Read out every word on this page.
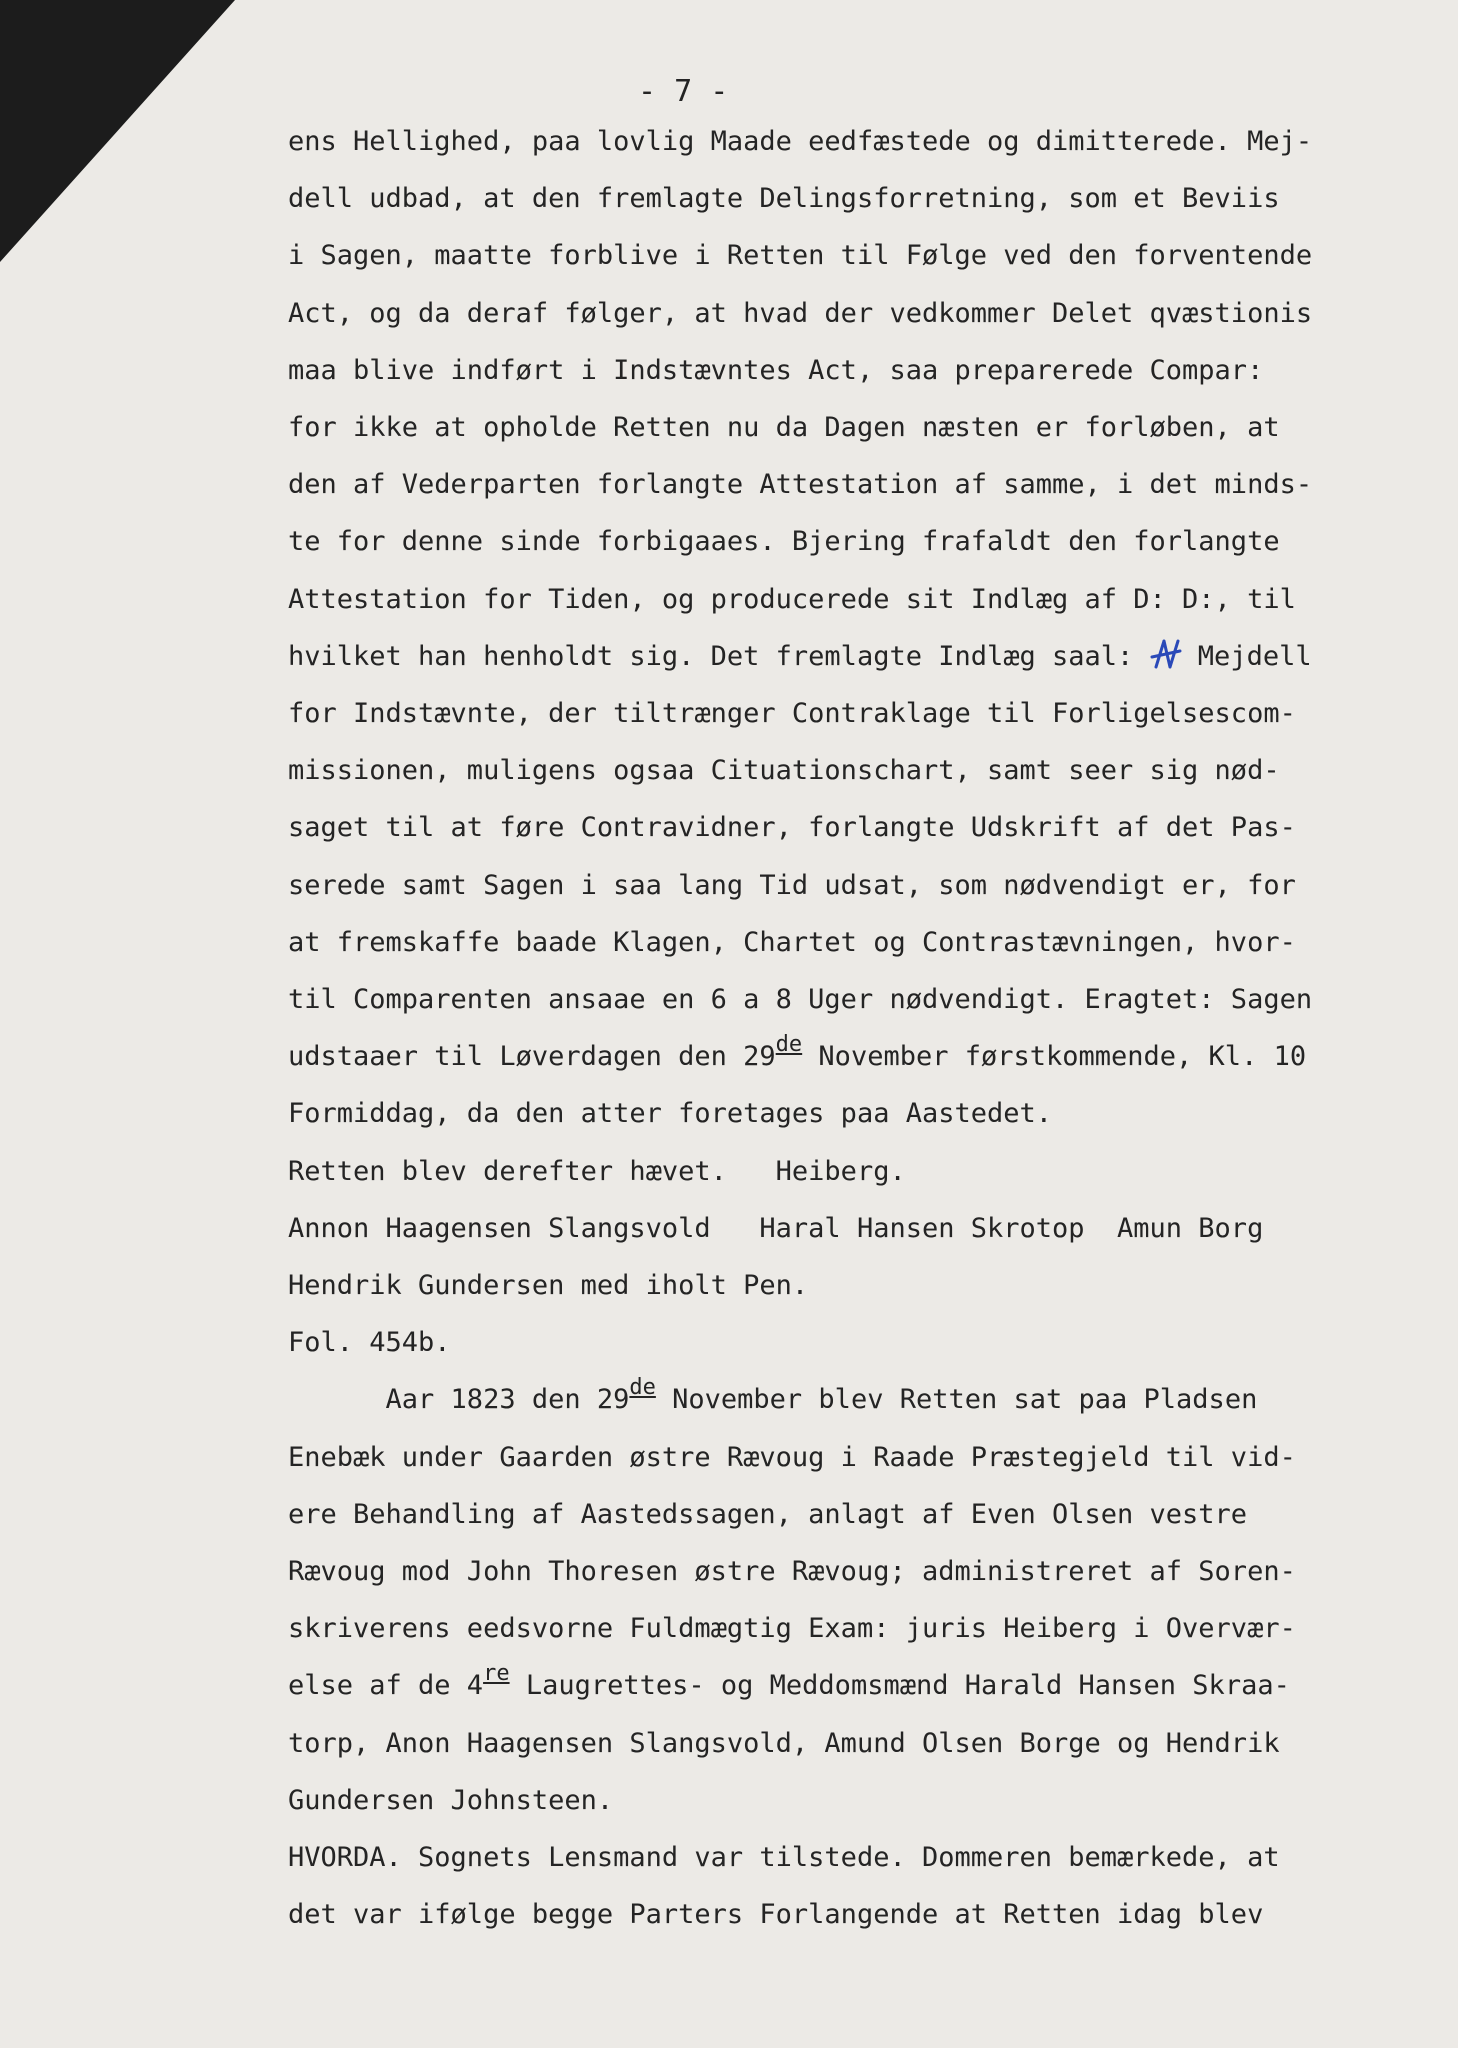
- 7 -

ens Hellighed, paa lovlig Maade eedfæstede og dimitterede. Mej-
dell udbad, at den fremlagte Delingsforretning, som et Beviis
i Sagen, maatte forblive i Retten til Følge ved den forventende
Act, og da deraf følger, at hvad der vedkommer Delet qvæstionis
maa blive indført i Indstævntes Act, saa preparerede Compar:
for ikke at opholde Retten nu da Dagen næsten er forløben, at
den af Vederparten forlangte Attestation af samme, i det minds-
te for denne sinde forbigaaes. Bjering frafaldt den forlangte
Attestation for Tiden, og producerede sit Indlæg af D: D:, til
hvilket han henholdt sig. Det fremlagte Indlæg saal:  Mejdell
for Indstævnte, der tiltrænger Contraklage til Forligelsescom-
missionen, muligens ogsaa Cituationschart, samt seer sig nød-
saget til at føre Contravidner, forlangte Udskrift af det Pas-
serede samt Sagen i saa lang Tid udsat, som nødvendigt er, for
at fremskaffe baade Klagen, Chartet og Contrastævningen, hvor-
til Comparenten ansaae en 6 a 8 Uger nødvendigt. Eragtet: Sagen
udstaaer til Løverdagen den 29de November førstkommende, Kl. 10
Formiddag, da den atter foretages paa Aastedet.
Retten blev derefter hævet.   Heiberg.
Annon Haagensen Slangsvold   Haral Hansen Skrotop  Amun Borg
Hendrik Gundersen med iholt Pen.
Fol. 454b.
Aar 1823 den 29de November blev Retten sat paa Pladsen
Enebæk under Gaarden østre Rævoug i Raade Præstegjeld til vid-
ere Behandling af Aastedssagen, anlagt af Even Olsen vestre
Rævoug mod John Thoresen østre Rævoug; administreret af Soren-
skriverens eedsvorne Fuldmægtig Exam: juris Heiberg i Overvær-
else af de 4re Laugrettes- og Meddomsmænd Harald Hansen Skraa-
torp, Anon Haagensen Slangsvold, Amund Olsen Borge og Hendrik
Gundersen Johnsteen.
HVORDA. Sognets Lensmand var tilstede. Dommeren bemærkede, at
det var ifølge begge Parters Forlangende at Retten idag blev
